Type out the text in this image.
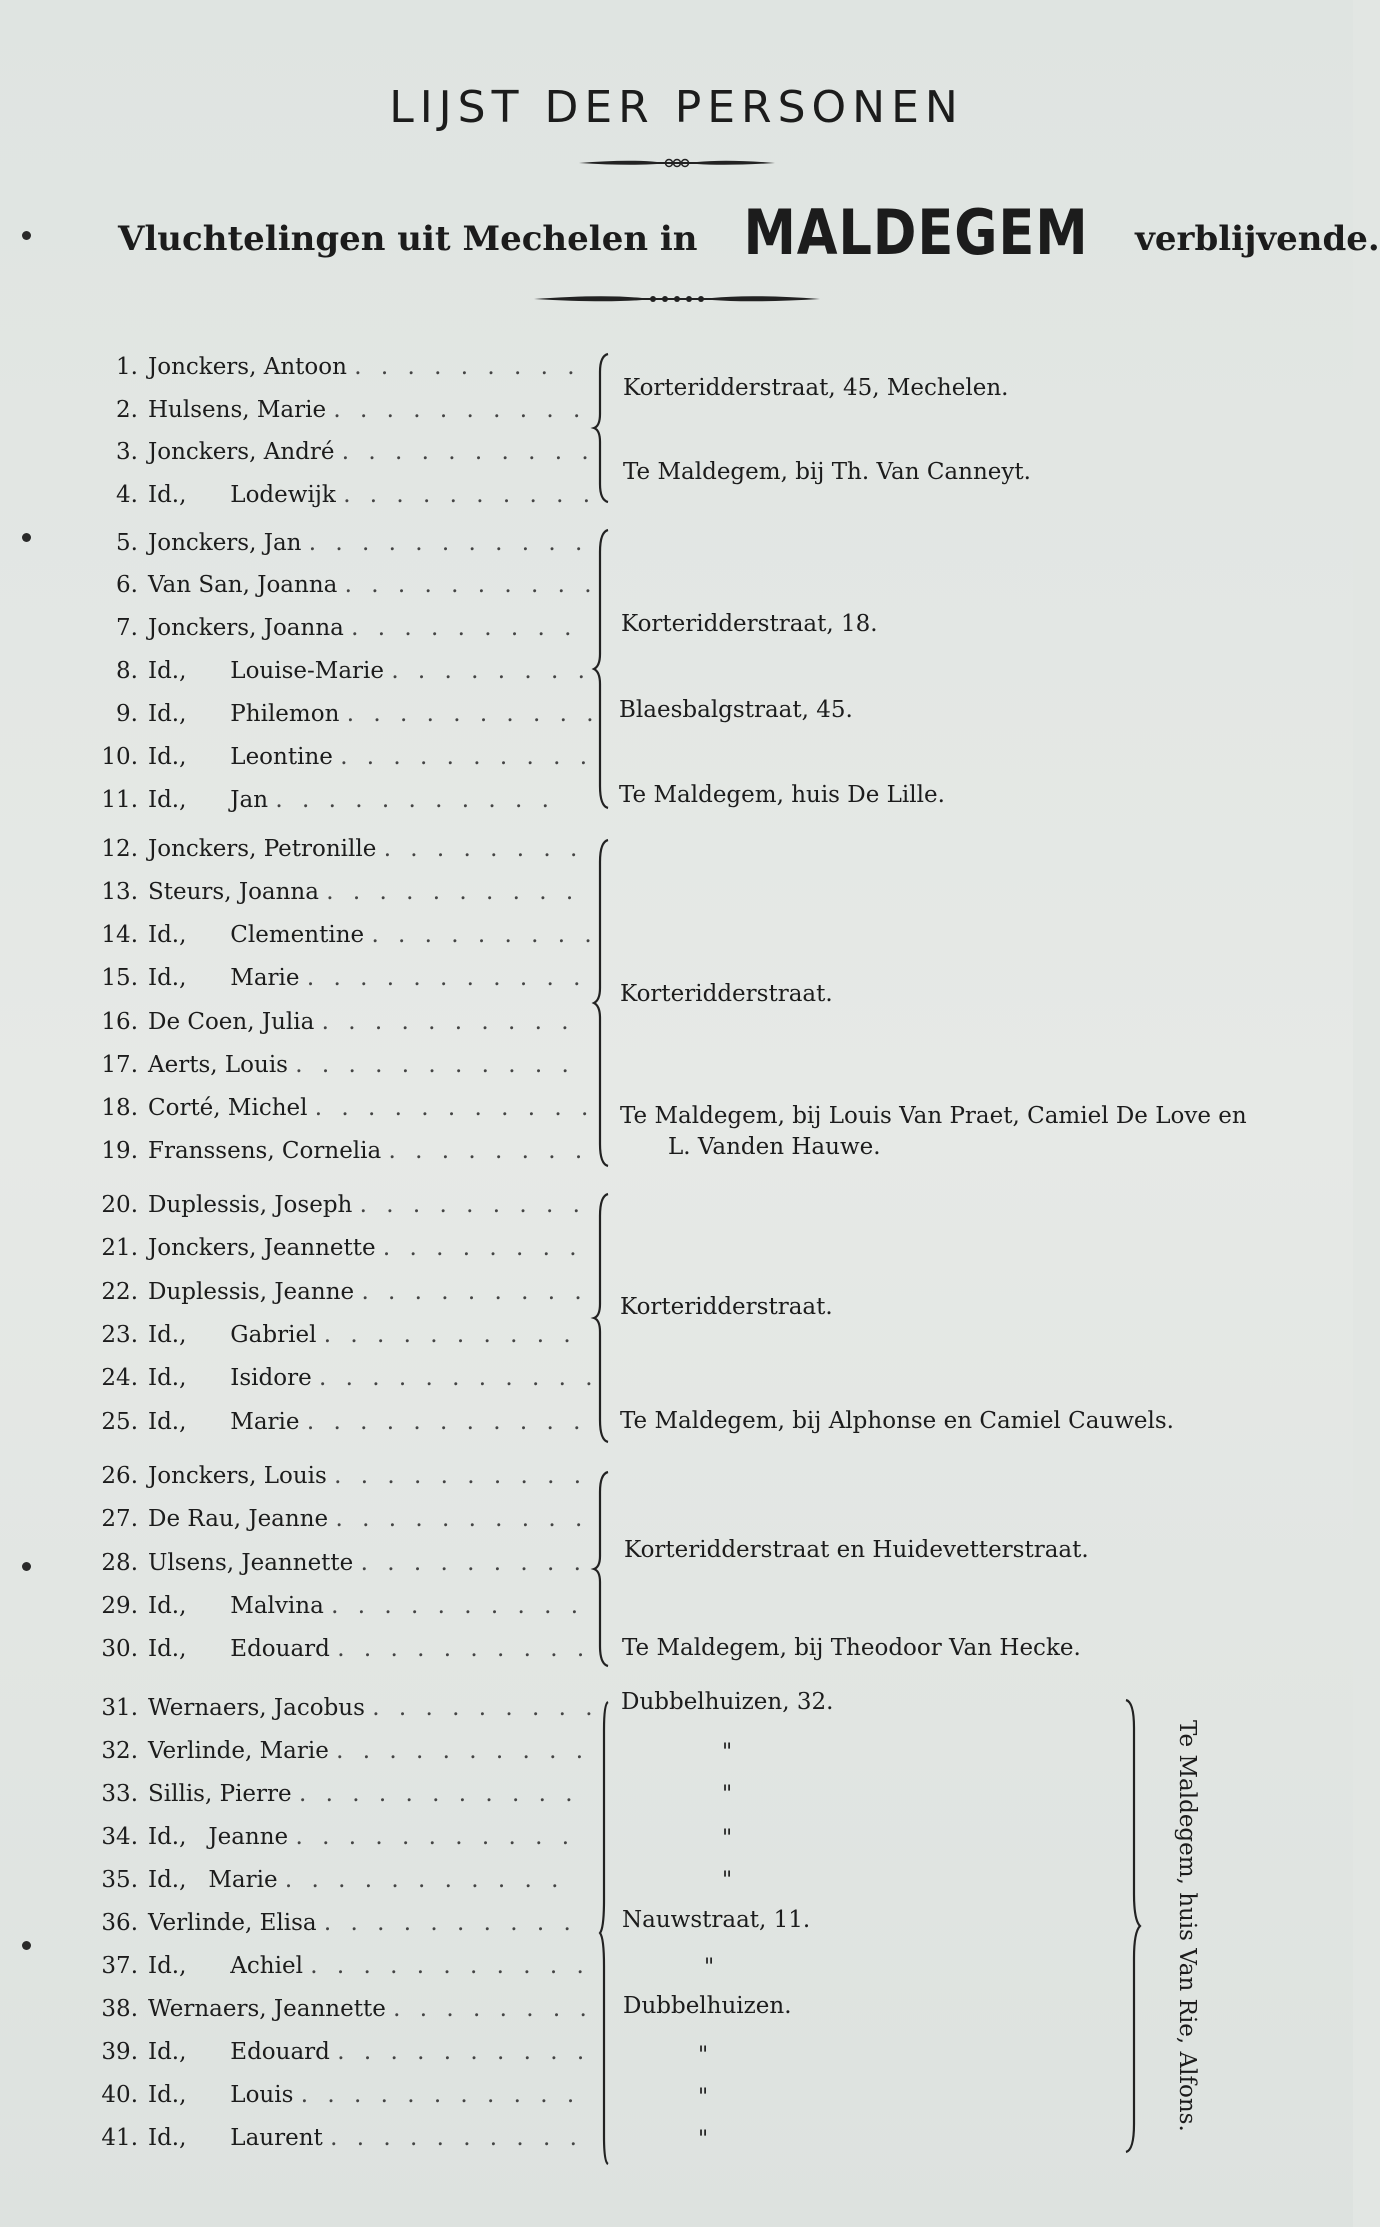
LIJST DER PERSONEN
Vluchtelingen uit Mechelen in MALDEGEM verblijvende.
1. Jonckers, Antoon . . . . . . . . .
2. Hulsens, Marie . . . . . . . . . .
3. Jonckers, André . . . . . . . . . .
4. Id.,      Lodewijk . . . . . . . . . .
5. Jonckers, Jan . . . . . . . . . . .
6. Van San, Joanna . . . . . . . . . .
7. Jonckers, Joanna . . . . . . . . .
8. Id.,      Louise-Marie . . . . . . . .
9. Id.,      Philemon . . . . . . . . . .
10. Id.,      Leontine . . . . . . . . . .
11. Id.,      Jan . . . . . . . . . . .
12. Jonckers, Petronille . . . . . . . .
13. Steurs, Joanna . . . . . . . . . .
14. Id.,      Clementine . . . . . . . . .
15. Id.,      Marie . . . . . . . . . . .
16. De Coen, Julia . . . . . . . . . .
17. Aerts, Louis . . . . . . . . . . .
18. Corté, Michel . . . . . . . . . . .
19. Franssens, Cornelia . . . . . . . .
20. Duplessis, Joseph . . . . . . . . .
21. Jonckers, Jeannette . . . . . . . .
22. Duplessis, Jeanne . . . . . . . . .
23. Id.,      Gabriel . . . . . . . . . .
24. Id.,      Isidore . . . . . . . . . . .
25. Id.,      Marie . . . . . . . . . . .
26. Jonckers, Louis . . . . . . . . . .
27. De Rau, Jeanne . . . . . . . . . .
28. Ulsens, Jeannette . . . . . . . . .
29. Id.,      Malvina . . . . . . . . . .
30. Id.,      Edouard . . . . . . . . . .
31. Wernaers, Jacobus . . . . . . . . .
32. Verlinde, Marie . . . . . . . . . .
33. Sillis, Pierre . . . . . . . . . . .
34. Id.,   Jeanne . . . . . . . . . . .
35. Id.,   Marie . . . . . . . . . . .
36. Verlinde, Elisa . . . . . . . . . .
37. Id.,      Achiel . . . . . . . . . . .
38. Wernaers, Jeannette . . . . . . . .
39. Id.,      Edouard . . . . . . . . . .
40. Id.,      Louis . . . . . . . . . . .
41. Id.,      Laurent . . . . . . . . . .
Korteridderstraat, 45, Mechelen.
Te Maldegem, bij Th. Van Canneyt.
Korteridderstraat, 18.
Blaesbalgstraat, 45.
Te Maldegem, huis De Lille.
Korteridderstraat.
Te Maldegem, bij Louis Van Praet, Camiel De Love en
L. Vanden Hauwe.
Korteridderstraat.
Te Maldegem, bij Alphonse en Camiel Cauwels.
Korteridderstraat en Huidevetterstraat.
Te Maldegem, bij Theodoor Van Hecke.
Dubbelhuizen, 32.
"
"
"
"
Nauwstraat, 11.
"
Dubbelhuizen.
"
"
"
Te Maldegem, huis Van Rie, Alfons.
